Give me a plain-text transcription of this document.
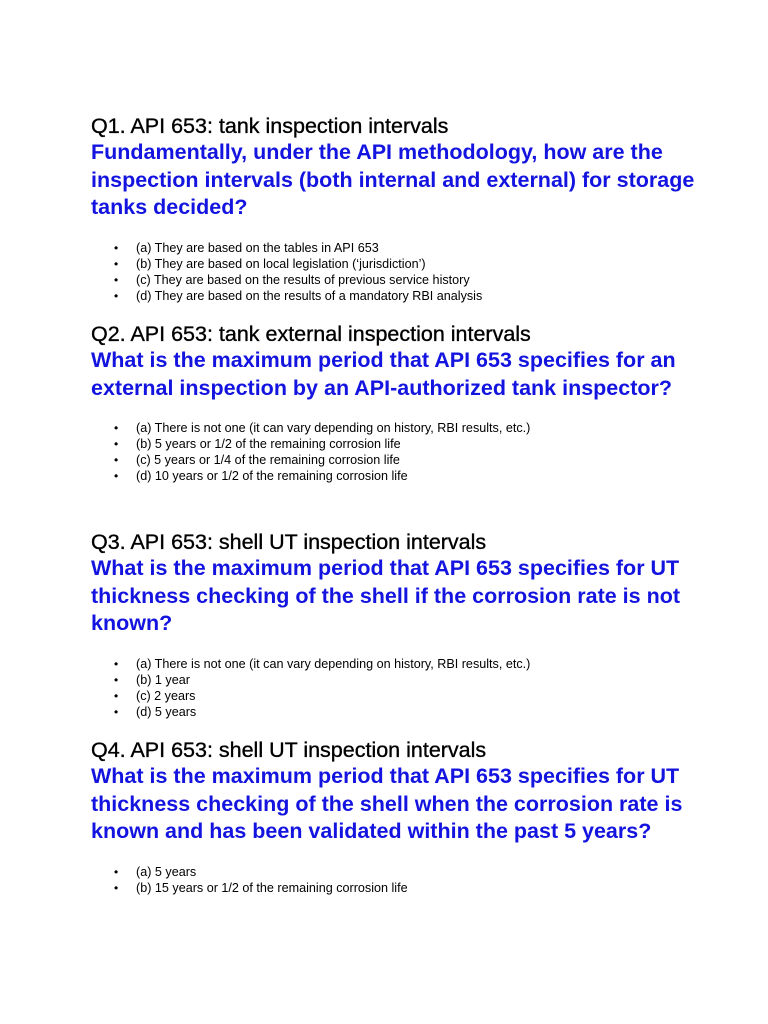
Q1. API 653: tank inspection intervals

Fundamentally, under the API methodology, how are the inspection intervals (both internal and external) for storage tanks decided?

• (a) They are based on the tables in API 653
• (b) They are based on local legislation (‘jurisdiction’)
• (c) They are based on the results of previous service history
• (d) They are based on the results of a mandatory RBI analysis
Q2. API 653: tank external inspection intervals

What is the maximum period that API 653 specifies for an external inspection by an API-authorized tank inspector?

• (a) There is not one (it can vary depending on history, RBI results, etc.)
• (b) 5 years or 1/2 of the remaining corrosion life
• (c) 5 years or 1/4 of the remaining corrosion life
• (d) 10 years or 1/2 of the remaining corrosion life
Q3. API 653: shell UT inspection intervals

What is the maximum period that API 653 specifies for UT thickness checking of the shell if the corrosion rate is not known?

• (a) There is not one (it can vary depending on history, RBI results, etc.)
• (b) 1 year
• (c) 2 years
• (d) 5 years
Q4. API 653: shell UT inspection intervals

What is the maximum period that API 653 specifies for UT thickness checking of the shell when the corrosion rate is known and has been validated within the past 5 years?

• (a) 5 years
• (b) 15 years or 1/2 of the remaining corrosion life
